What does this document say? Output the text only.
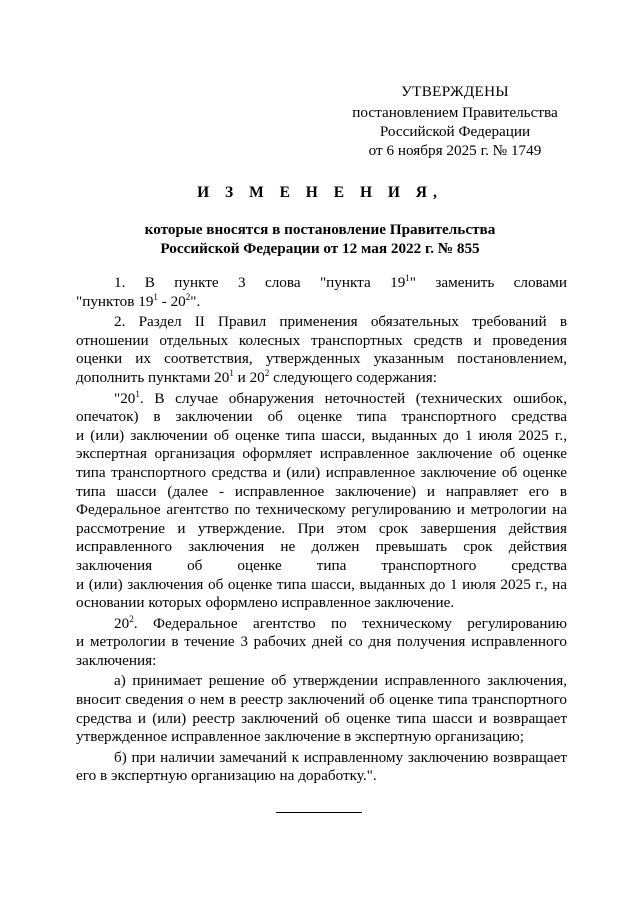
УТВЕРЖДЕНЫ
постановлением Правительства
Российской Федерации
от 6 ноября 2025 г. № 1749
И З М Е Н Е Н И Я,
которые вносятся в постановление Правительства
Российской Федерации от 12 мая 2022 г. № 855
1. В пункте 3 слова "пункта $19^1$" заменить словами
"пунктов $19^1 - 20^2$".
2. Раздел II Правил применения обязательных требований в
отношении отдельных колесных транспортных средств и проведения
оценки их соответствия, утвержденных указанным постановлением,
дополнить пунктами $20^1$ и $20^2$ следующего содержания:
"$20^1$. В случае обнаружения неточностей (технических ошибок,
опечаток) в заключении об оценке типа транспортного средства
и (или) заключении об оценке типа шасси, выданных до 1 июля 2025 г.,
экспертная организация оформляет исправленное заключение об оценке
типа транспортного средства и (или) исправленное заключение об оценке
типа шасси (далее - исправленное заключение) и направляет его в
Федеральное агентство по техническому регулированию и метрологии на
рассмотрение и утверждение. При этом срок завершения действия
исправленного заключения не должен превышать срок действия
заключения об оценке типа транспортного средства
и (или) заключения об оценке типа шасси, выданных до 1 июля 2025 г., на
основании которых оформлено исправленное заключение.
$20^2$. Федеральное агентство по техническому регулированию
и метрологии в течение 3 рабочих дней со дня получения исправленного
заключения:
а) принимает решение об утверждении исправленного заключения,
вносит сведения о нем в реестр заключений об оценке типа транспортного
средства и (или) реестр заключений об оценке типа шасси и возвращает
утвержденное исправленное заключение в экспертную организацию;
б) при наличии замечаний к исправленному заключению возвращает
его в экспертную организацию на доработку.".
